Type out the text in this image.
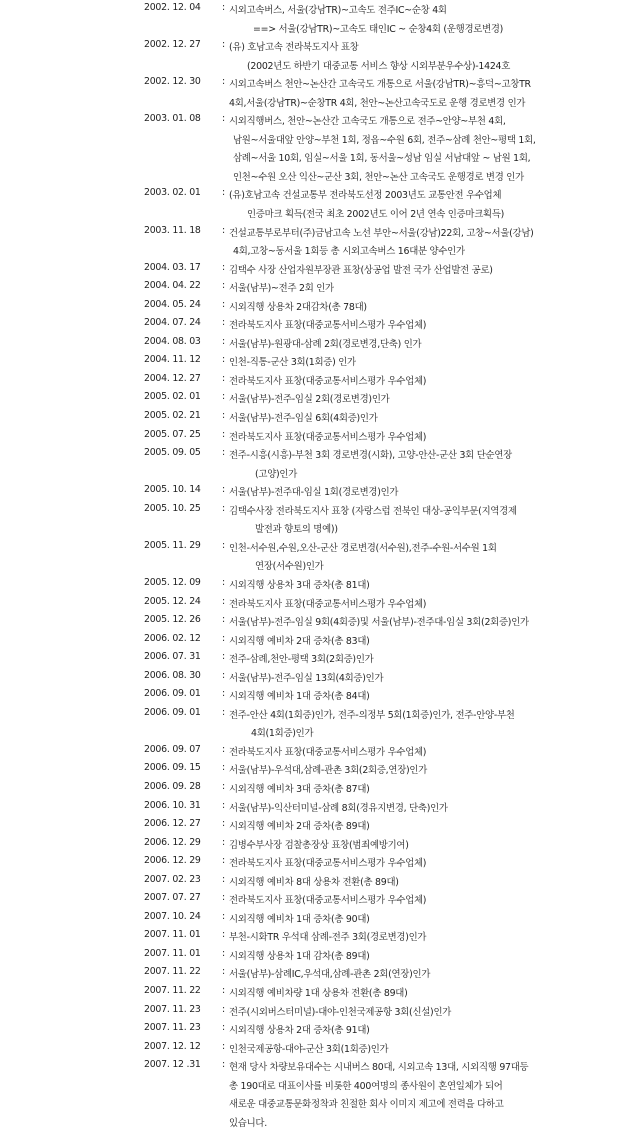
2002. 12. 04	: 시외고속버스, 서울(강남TR)~고속도 전주IC~순창 4회
==> 서울(강남TR)~고속도 태인IC ~ 순창4회 (운행경로변경)
2002. 12. 27	: (유) 호남고속 전라북도지사 표창
(2002년도 하반기 대중교통 서비스 향상 시외부분우수상)-1424호
2002. 12. 30	: 시외고속버스 천안~논산간 고속국도 개통으로 서울(강남TR)~흥덕~고창TR
4회,서울(강남TR)~순창TR 4회, 천안~논산고속국도로 운행 경로변경 인가
2003. 01. 08	: 시외직행버스, 천안~논산간 고속국도 개통으로 전주~안양~부천 4회,
남원~서울대앞 안양~부천 1회, 정읍~수원 6회, 전주~삼례 천안~평택 1회,
삼례~서울 10회, 임실~서울 1회, 동서울~성남 임실 서남대앞 ~ 남원 1회,
인천~수원 오산 익산~군산 3회, 천안~논산 고속국도 운행경로 변경 인가
2003. 02. 01	: (유)호남고속 건설교통부 전라북도선정 2003년도 교통안전 우수업체
인증마크 획득(전국 최초 2002년도 이어 2년 연속 인증마크획득)
2003. 11. 18	: 건설교통부로부터(주)금남고속 노선 부안~서울(강남)22회, 고창~서울(강남)
4회,고창~동서울 1회등 총 시외고속버스 16대분 양수인가
2004. 03. 17	: 김택수 사장 산업자원부장관 표창(상공업 발전 국가 산업발전 공로)
2004. 04. 22	: 서울(남부)~전주 2회 인가
2004. 05. 24	: 시외직행 상용차 2대감차(총 78대)
2004. 07. 24	: 전라북도지사 표창(대중교통서비스평가 우수업체)
2004. 08. 03	: 서울(남부)-원광대-삼례 2회(경로변경,단축) 인가
2004. 11. 12	: 인천-직통-군산 3회(1회증) 인가
2004. 12. 27	: 전라북도지사 표창(대중교통서비스평가 우수업체)
2005. 02. 01	: 서울(남부)-전주-임실 2회(경로변경)인가
2005. 02. 21	: 서울(남부)-전주-임실 6회(4회증)인가
2005. 07. 25	: 전라북도지사 표창(대중교통서비스평가 우수업체)
2005. 09. 05	: 전주-시흥(시흥)-부천 3회 경로변경(시화), 고양-안산-군산 3회 단순연장
(고양)인가
2005. 10. 14	: 서울(남부)-전주대-임실 1회(경로변경)인가
2005. 10. 25	: 김택수사장 전라북도지사 표창 (자랑스럽 전북인 대상-공익부문(지역경제
발전과 향토의 명예))
2005. 11. 29	: 인천-서수원,수원,오산-군산 경로변경(서수원),전주-수원-서수원 1회
연장(서수원)인가
2005. 12. 09	: 시외직행 상용차 3대 증차(총 81대)
2005. 12. 24	: 전라북도지사 표창(대중교통서비스평가 우수업체)
2005. 12. 26	: 서울(남부)-전주-임실 9회(4회증)및 서울(남부)-전주대-임실 3회(2회증)인가
2006. 02. 12	: 시외직행 예비차 2대 증차(총 83대)
2006. 07. 31	: 전주-삼례,천안-평택 3회(2회증)인가
2006. 08. 30	: 서울(남부)-전주-임실 13회(4회증)인가
2006. 09. 01	: 시외직행 예비차 1대 증차(총 84대)
2006. 09. 01	: 전주-안산 4회(1회증)인가, 전주-의정부 5회(1회증)인가, 전주-안양-부천
4회(1회증)인가
2006. 09. 07	: 전라북도지사 표창(대중교통서비스평가 우수업체)
2006. 09. 15	: 서울(남부)-우석대,삼례-관촌 3회(2회증,연장)인가
2006. 09. 28	: 시외직행 예비차 3대 증차(총 87대)
2006. 10. 31	: 서울(남부)-익산터미널-삼례 8회(경유지변경, 단축)인가
2006. 12. 27	: 시외직행 예비차 2대 증차(총 89대)
2006. 12. 29	: 김병수부사장 검찰총장상 표창(범죄예방기여)
2006. 12. 29	: 전라북도지사 표창(대중교통서비스평가 우수업체)
2007. 02. 23	: 시외직행 예비차 8대 상용차 전환(총 89대)
2007. 07. 27	: 전라북도지사 표창(대중교통서비스평가 우수업체)
2007. 10. 24	: 시외직행 예비차 1대 증차(총 90대)
2007. 11. 01	: 부천-시화TR 우석대 삼례-전주 3회(경로변경)인가
2007. 11. 01	: 시외직행 상용차 1대 감차(총 89대)
2007. 11. 22	: 서울(남부)-삼례IC,우석대,삼례-관촌 2회(연장)인가
2007. 11. 22	: 시외직행 예비차량 1대 상용차 전환(총 89대)
2007. 11. 23	: 전주(시외버스터미널)-대야-인천국제공항 3회(신설)인가
2007. 11. 23	: 시외직행 상용차 2대 증차(총 91대)
2007. 12. 12	: 인천국제공항-대야-군산 3회(1회증)인가
2007. 12 .31	: 현재 당사 차량보유대수는 시내버스 80대, 시외고속 13대, 시외직행 97대등
총 190대로 대표이사를 비롯한 400여명의 종사원이 혼연일체가 되어
새로운 대중교통문화정착과 친절한 회사 이미지 제고에 전력을 다하고
있습니다.
